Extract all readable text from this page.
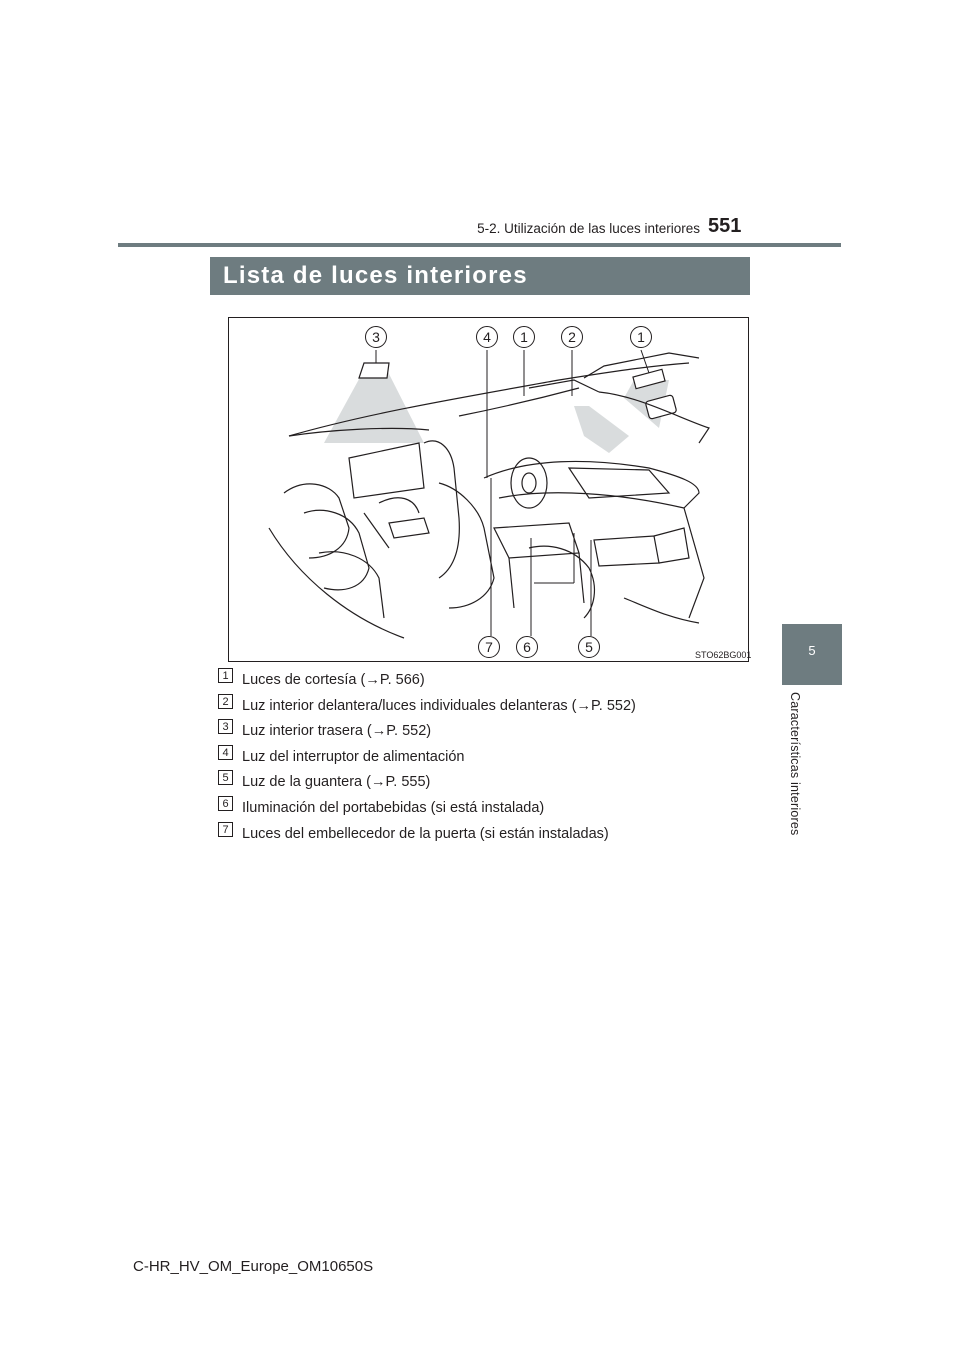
5-2. Utilización de las luces interiores 551
5
Características interiores
Lista de luces interiores
3	4	1	2	1
7	6	5	STO62BG001
1 Luces de cortesía (→P. 566)
2 Luz interior delantera/luces individuales delanteras (→P. 552)
3 Luz interior trasera (→P. 552)
4 Luz del interruptor de alimentación
5 Luz de la guantera (→P. 555)
6 Iluminación del portabebidas (si está instalada)
7 Luces del embellecedor de la puerta (si están instaladas)
C-HR_HV_OM_Europe_OM10650S
